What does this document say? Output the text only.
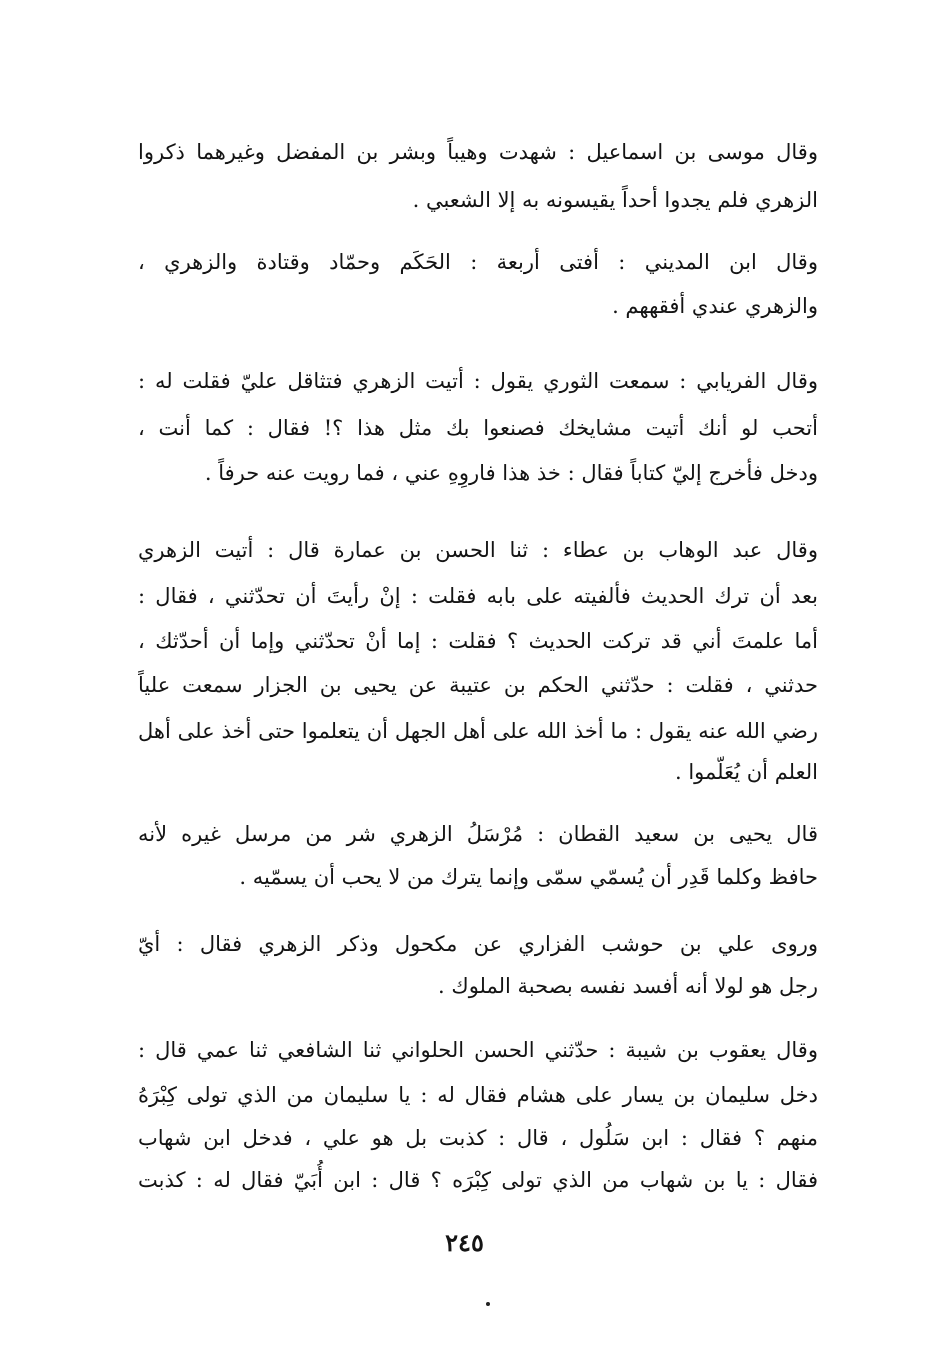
وقال موسى بن اسماعيل : شهدت وهيباً وبشر بن المفضل وغيرهما ذكروا
الزهري فلم يجدوا أحداً يقيسونه به إلا الشعبي .
وقال ابن المديني : أفتى أربعة : الحَكَم وحمّاد وقتادة والزهري ،
والزهري عندي أفقههم .
وقال الفريابي : سمعت الثوري يقول : أتيت الزهري فتثاقل عليّ فقلت له :
أتحب لو أنك أتيت مشايخك فصنعوا بك مثل هذا ؟! فقال : كما أنت ،
ودخل فأخرج إليّ كتاباً فقال : خذ هذا فاروِهِ عني ، فما رويت عنه حرفاً .
وقال عبد الوهاب بن عطاء : ثنا الحسن بن عمارة قال : أتيت الزهري
بعد أن ترك الحديث فألفيته على بابه فقلت : إنْ رأيتَ أن تحدّثني ، فقال :
أما علمتَ أني قد تركت الحديث ؟ فقلت : إما أنْ تحدّثني وإما أن أحدّثك ،
حدثني ، فقلت : حدّثني الحكم بن عتيبة عن يحيى بن الجزار سمعت علياً
رضي الله عنه يقول : ما أخذ الله على أهل الجهل أن يتعلموا حتى أخذ على أهل
العلم أن يُعَلّموا .
قال يحيى بن سعيد القطان : مُرْسَلُ الزهري شر من مرسل غيره لأنه
حافظ وكلما قَدِر أن يُسمّي سمّى وإنما يترك من لا يحب أن يسمّيه .
وروى علي بن حوشب الفزاري عن مكحول وذكر الزهري فقال : أيّ
رجل هو لولا أنه أفسد نفسه بصحبة الملوك .
وقال يعقوب بن شيبة : حدّثني الحسن الحلواني ثنا الشافعي ثنا عمي قال :
دخل سليمان بن يسار على هشام فقال له : يا سليمان من الذي تولى كِبْرَهُ
منهم ؟ فقال : ابن سَلُول ، قال : كذبت بل هو علي ، فدخل ابن شهاب
فقال : يا بن شهاب من الذي تولى كِبْرَه ؟ قال : ابن أُبَيّ فقال له : كذبت
٢٤٥
